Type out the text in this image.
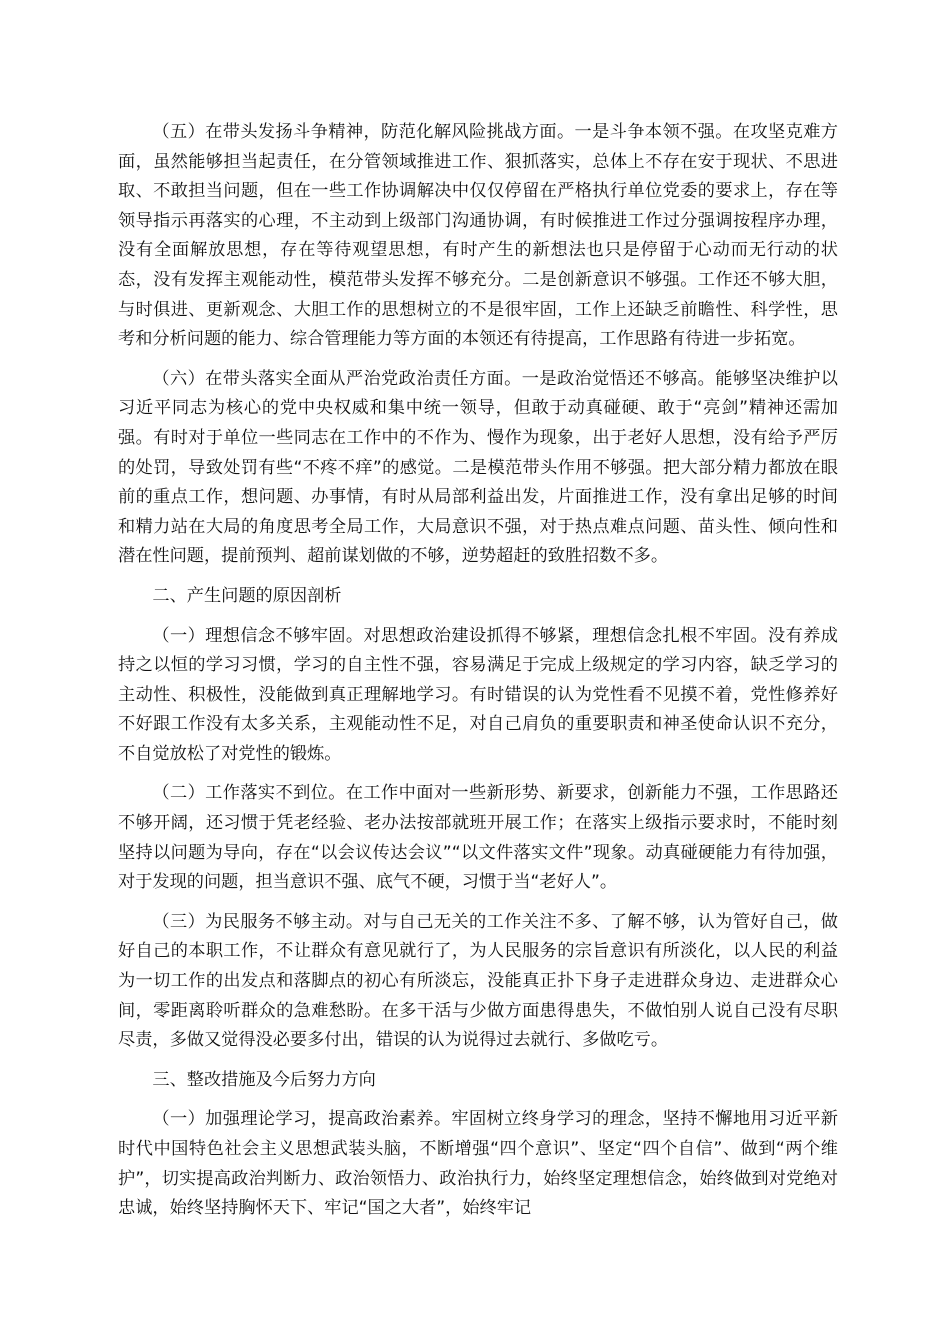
（五）在带头发扬斗争精神，防范化解风险挑战方面。一是斗争本领不强。在攻坚克难方面，虽然能够担当起责任，在分管领域推进工作、狠抓落实，总体上不存在安于现状、不思进取、不敢担当问题，但在一些工作协调解决中仅仅停留在严格执行单位党委的要求上，存在等领导指示再落实的心理，不主动到上级部门沟通协调，有时候推进工作过分强调按程序办理，没有全面解放思想，存在等待观望思想，有时产生的新想法也只是停留于心动而无行动的状态，没有发挥主观能动性，模范带头发挥不够充分。二是创新意识不够强。工作还不够大胆，与时俱进、更新观念、大胆工作的思想树立的不是很牢固，工作上还缺乏前瞻性、科学性，思考和分析问题的能力、综合管理能力等方面的本领还有待提高，工作思路有待进一步拓宽。

（六）在带头落实全面从严治党政治责任方面。一是政治觉悟还不够高。能够坚决维护以习近平同志为核心的党中央权威和集中统一领导，但敢于动真碰硬、敢于“亮剑”精神还需加强。有时对于单位一些同志在工作中的不作为、慢作为现象，出于老好人思想，没有给予严厉的处罚，导致处罚有些“不疼不痒”的感觉。二是模范带头作用不够强。把大部分精力都放在眼前的重点工作，想问题、办事情，有时从局部利益出发，片面推进工作，没有拿出足够的时间和精力站在大局的角度思考全局工作，大局意识不强，对于热点难点问题、苗头性、倾向性和潜在性问题，提前预判、超前谋划做的不够，逆势超赶的致胜招数不多。

二、产生问题的原因剖析

（一）理想信念不够牢固。对思想政治建设抓得不够紧，理想信念扎根不牢固。没有养成持之以恒的学习习惯，学习的自主性不强，容易满足于完成上级规定的学习内容，缺乏学习的主动性、积极性，没能做到真正理解地学习。有时错误的认为党性看不见摸不着，党性修养好不好跟工作没有太多关系，主观能动性不足，对自己肩负的重要职责和神圣使命认识不充分，不自觉放松了对党性的锻炼。

（二）工作落实不到位。在工作中面对一些新形势、新要求，创新能力不强，工作思路还不够开阔，还习惯于凭老经验、老办法按部就班开展工作；在落实上级指示要求时，不能时刻坚持以问题为导向，存在“以会议传达会议”“以文件落实文件”现象。动真碰硬能力有待加强，对于发现的问题，担当意识不强、底气不硬，习惯于当“老好人”。

（三）为民服务不够主动。对与自己无关的工作关注不多、了解不够，认为管好自己，做好自己的本职工作，不让群众有意见就行了，为人民服务的宗旨意识有所淡化，以人民的利益为一切工作的出发点和落脚点的初心有所淡忘，没能真正扑下身子走进群众身边、走进群众心间，零距离聆听群众的急难愁盼。在多干活与少做方面患得患失，不做怕别人说自己没有尽职尽责，多做又觉得没必要多付出，错误的认为说得过去就行、多做吃亏。

三、整改措施及今后努力方向

（一）加强理论学习，提高政治素养。牢固树立终身学习的理念，坚持不懈地用习近平新时代中国特色社会主义思想武装头脑，不断增强“四个意识”、坚定“四个自信”、做到“两个维护”，切实提高政治判断力、政治领悟力、政治执行力，始终坚定理想信念，始终做到对党绝对忠诚，始终坚持胸怀天下、牢记“国之大者”，始终牢记
